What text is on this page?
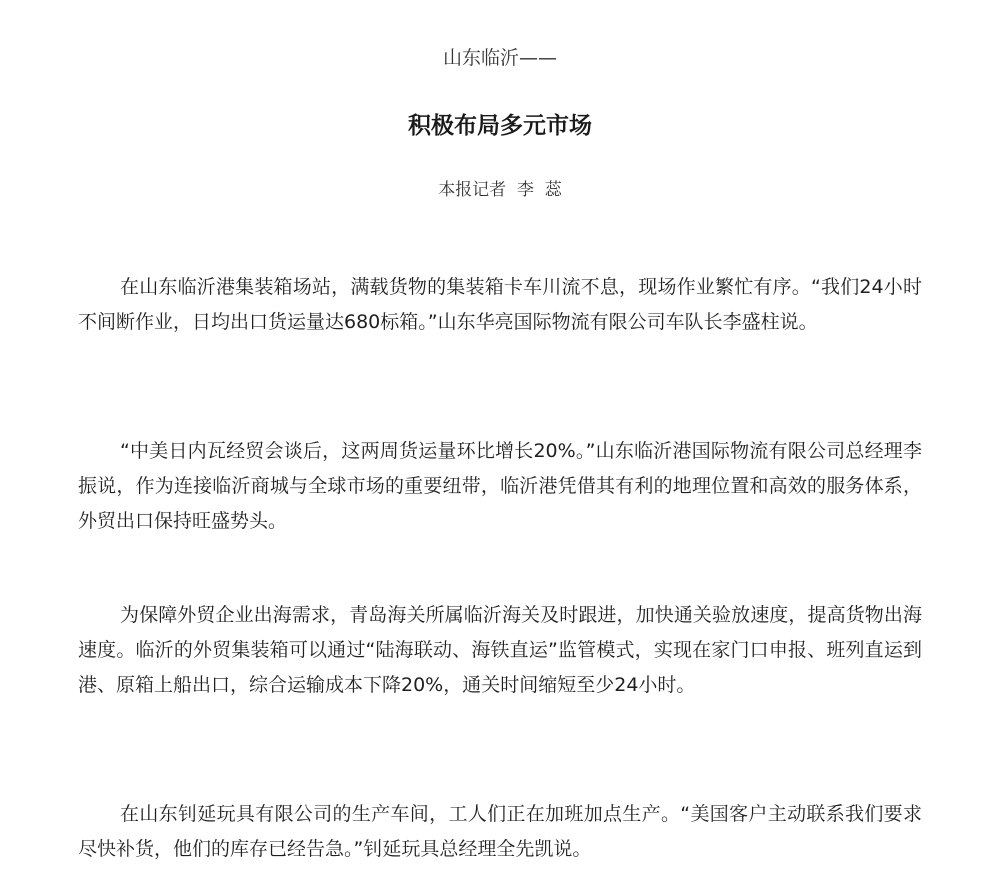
山东临沂——
积极布局多元市场
本报记者  李  蕊

在山东临沂港集装箱场站，满载货物的集装箱卡车川流不息，现场作业繁忙有序。“我们24小时不间断作业，日均出口货运量达680标箱。”山东华亮国际物流有限公司车队长李盛柱说。

“中美日内瓦经贸会谈后，这两周货运量环比增长20%。”山东临沂港国际物流有限公司总经理李振说，作为连接临沂商城与全球市场的重要纽带，临沂港凭借其有利的地理位置和高效的服务体系，外贸出口保持旺盛势头。

为保障外贸企业出海需求，青岛海关所属临沂海关及时跟进，加快通关验放速度，提高货物出海速度。临沂的外贸集装箱可以通过“陆海联动、海铁直运”监管模式，实现在家门口申报、班列直运到港、原箱上船出口，综合运输成本下降20%，通关时间缩短至少24小时。

在山东钊延玩具有限公司的生产车间，工人们正在加班加点生产。“美国客户主动联系我们要求尽快补货，他们的库存已经告急。”钊延玩具总经理全先凯说。
